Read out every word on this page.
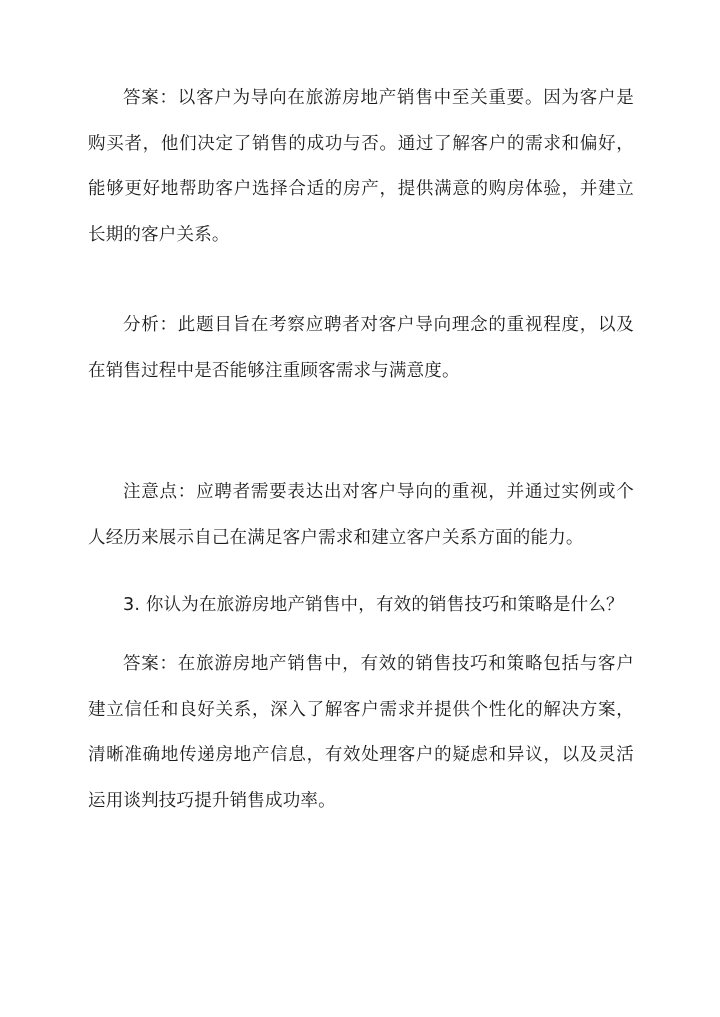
答案：以客户为导向在旅游房地产销售中至关重要。因为客户是购买者，他们决定了销售的成功与否。通过了解客户的需求和偏好，能够更好地帮助客户选择合适的房产，提供满意的购房体验，并建立长期的客户关系。

分析：此题目旨在考察应聘者对客户导向理念的重视程度，以及在销售过程中是否能够注重顾客需求与满意度。

注意点：应聘者需要表达出对客户导向的重视，并通过实例或个人经历来展示自己在满足客户需求和建立客户关系方面的能力。

3. 你认为在旅游房地产销售中，有效的销售技巧和策略是什么？

答案：在旅游房地产销售中，有效的销售技巧和策略包括与客户建立信任和良好关系，深入了解客户需求并提供个性化的解决方案，清晰准确地传递房地产信息，有效处理客户的疑虑和异议，以及灵活运用谈判技巧提升销售成功率。
